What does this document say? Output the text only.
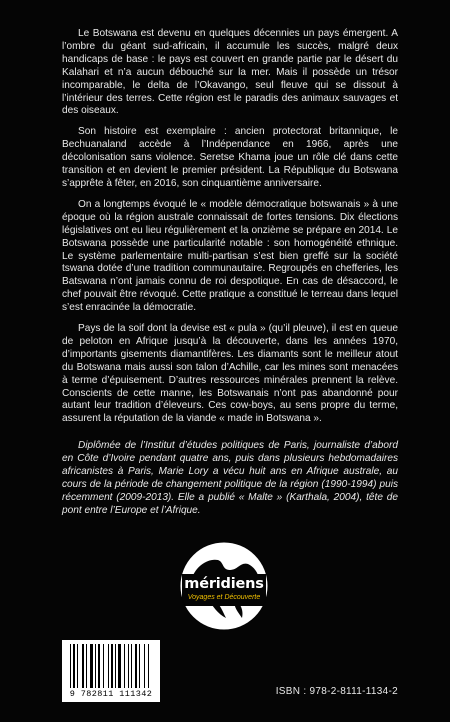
Le Botswana est devenu en quelques décennies un pays émergent. A l’ombre du géant sud-africain, il accumule les succès, malgré deux handicaps de base : le pays est couvert en grande partie par le désert du Kalahari et n’a aucun débouché sur la mer. Mais il possède un trésor incomparable, le delta de l’Okavango, seul fleuve qui se dissout à l’intérieur des terres. Cette région est le paradis des animaux sauvages et des oiseaux.

Son histoire est exemplaire : ancien protectorat britannique, le Bechuanaland accède à l’Indépendance en 1966, après une décolonisation sans violence. Seretse Khama joue un rôle clé dans cette transition et en devient le premier président. La République du Botswana s’apprête à fêter, en 2016, son cinquantième anniversaire.

On a longtemps évoqué le « modèle démocratique botswanais » à une époque où la région australe connaissait de fortes tensions. Dix élections législatives ont eu lieu régulièrement et la onzième se prépare en 2014. Le Botswana possède une particularité notable : son homogénéité ethnique. Le système parlementaire multi-partisan s’est bien greffé sur la société tswana dotée d’une tradition communautaire. Regroupés en chefferies, les Batswana n’ont jamais connu de roi despotique. En cas de désaccord, le chef pouvait être révoqué. Cette pratique a constitué le terreau dans lequel s’est enracinée la démocratie.

Pays de la soif dont la devise est « pula » (qu’il pleuve), il est en queue de peloton en Afrique jusqu’à la découverte, dans les années 1970, d’importants gisements diamantifères. Les diamants sont le meilleur atout du Botswana mais aussi son talon d’Achille, car les mines sont menacées à terme d’épuisement. D’autres ressources minérales prennent la relève. Conscients de cette manne, les Botswanais n’ont pas abandonné pour autant leur tradition d’éleveurs. Ces cow-boys, au sens propre du terme, assurent la réputation de la viande « made in Botswana ».

Diplômée de l’Institut d’études politiques de Paris, journaliste d’abord en Côte d’Ivoire pendant quatre ans, puis dans plusieurs hebdomadaires africanistes à Paris, Marie Lory a vécu huit ans en Afrique australe, au cours de la période de changement politique de la région (1990-1994) puis récemment (2009-2013). Elle a publié « Malte » (Karthala, 2004), tête de pont entre l’Europe et l’Afrique.

méridiens
Voyages et Découverte
9 782811 111342	ISBN : 978-2-8111-1134-2
